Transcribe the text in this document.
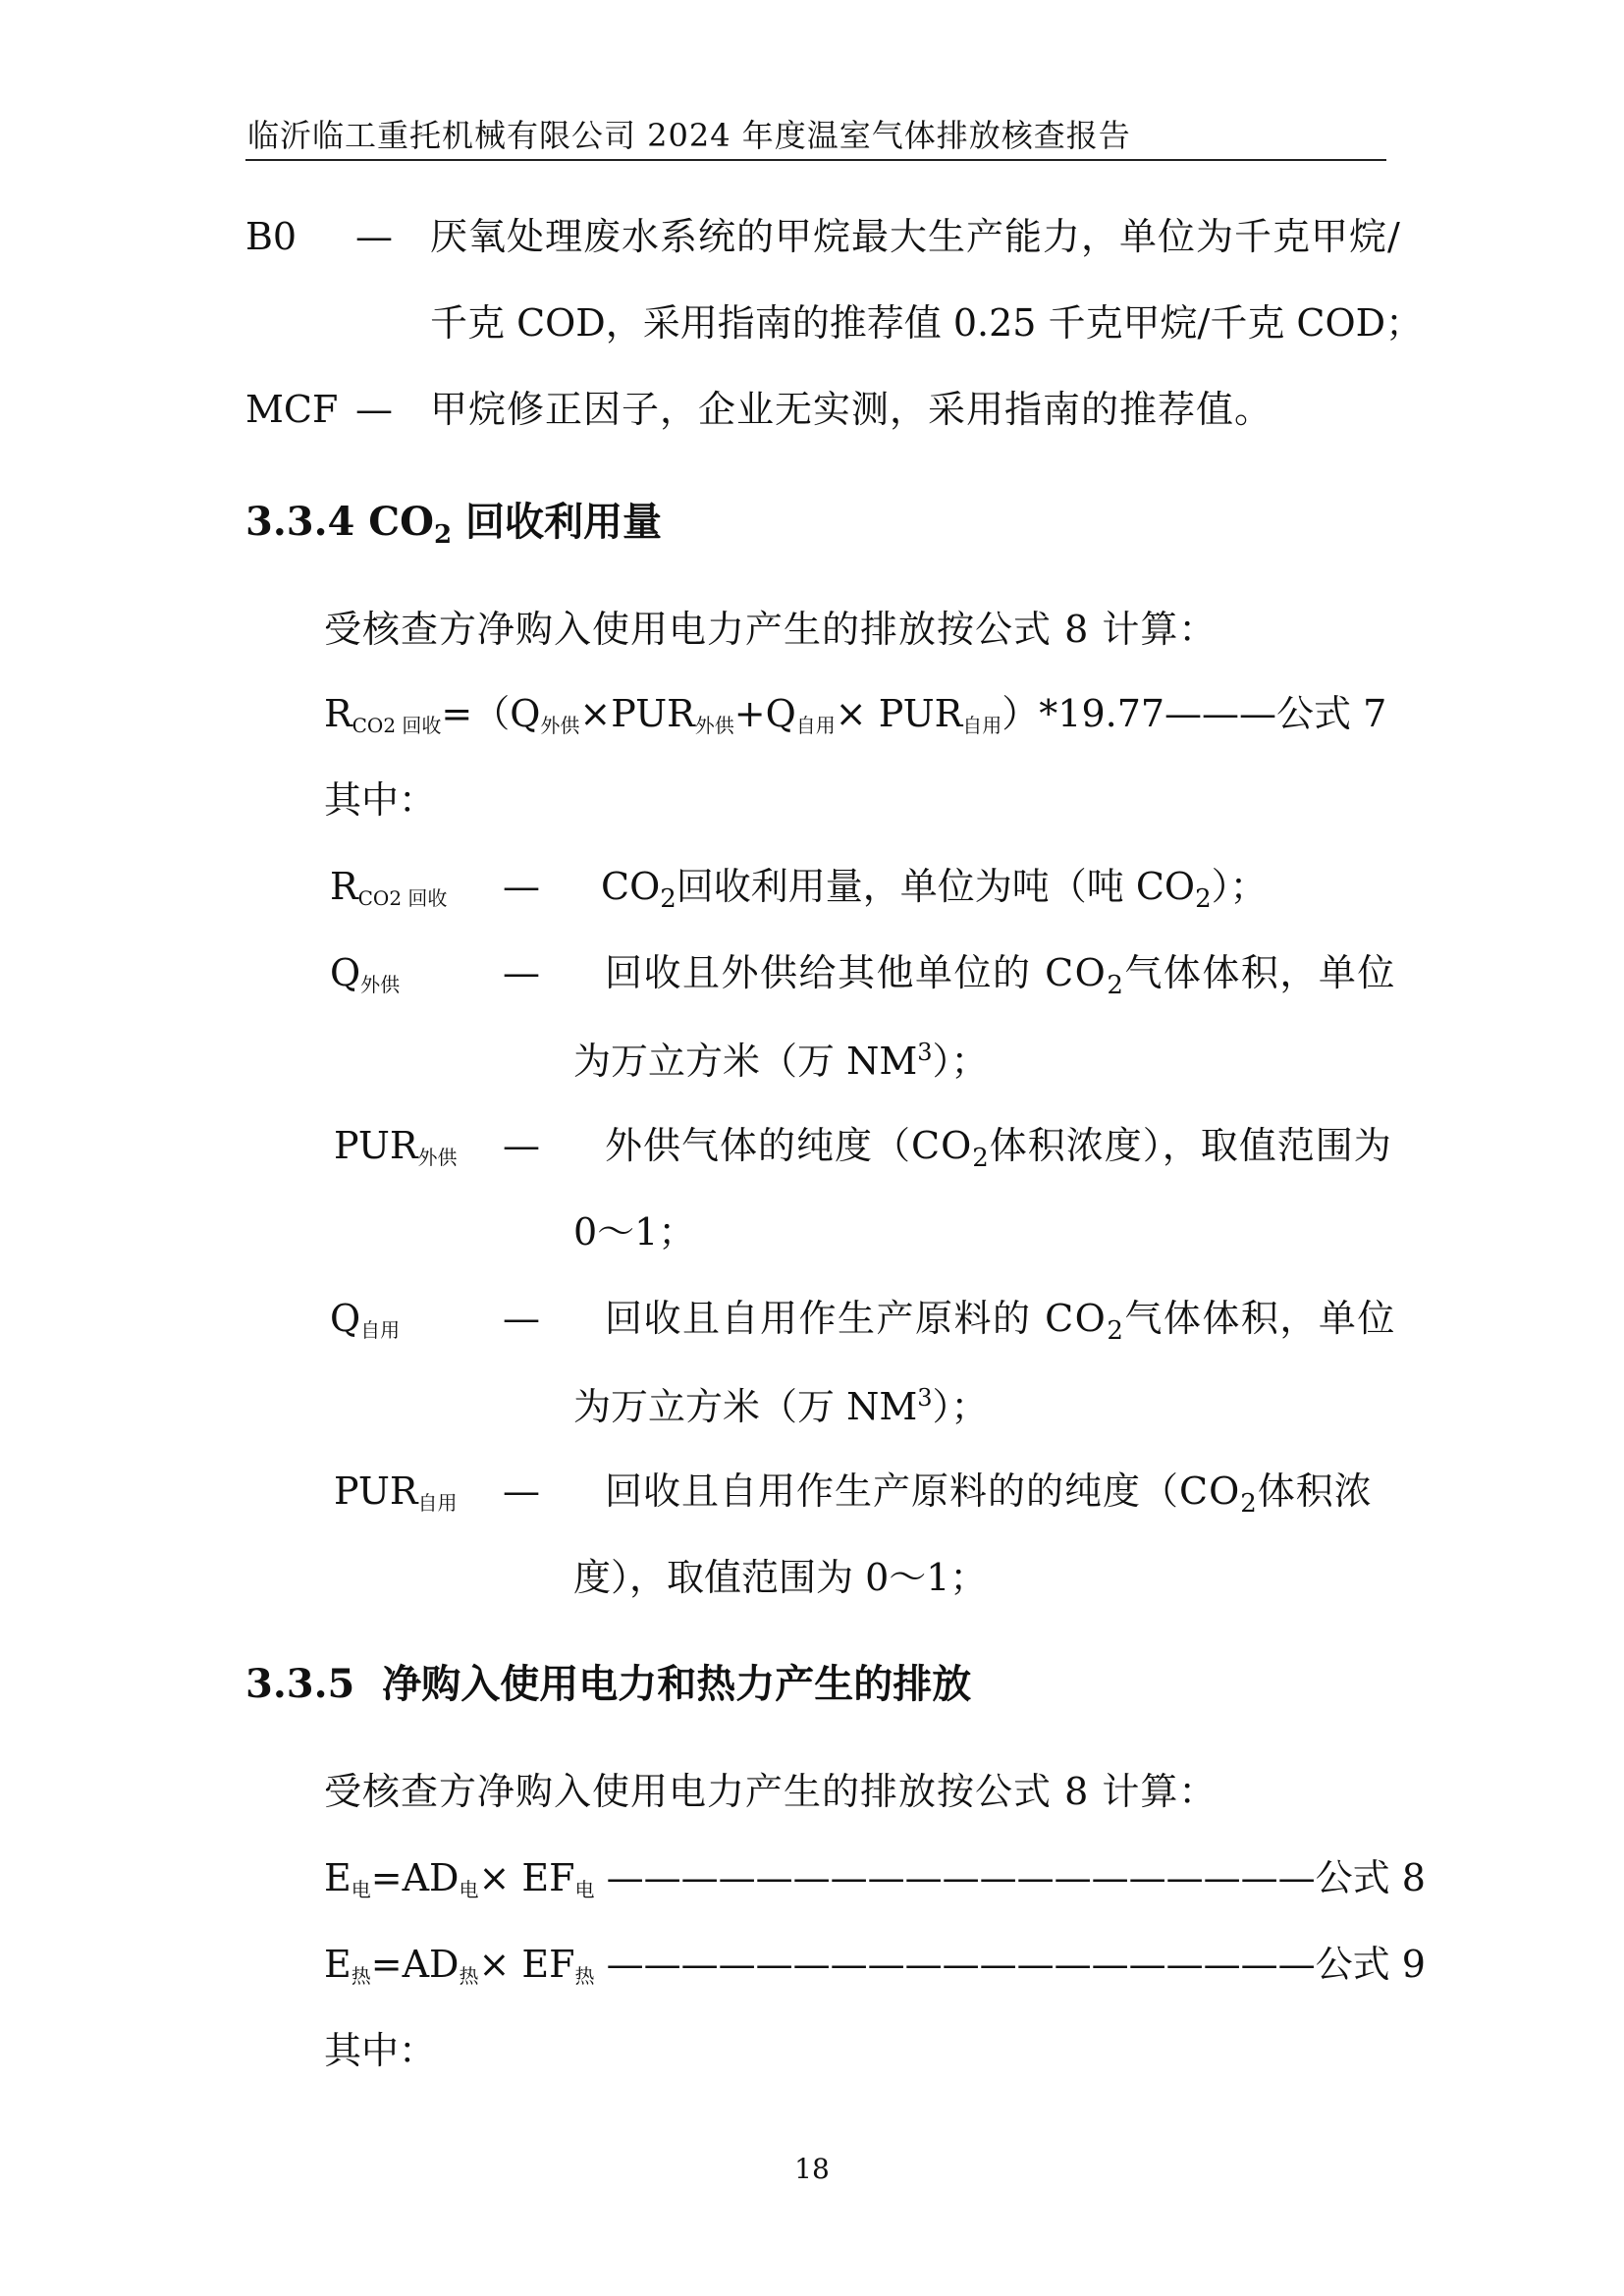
临沂临工重托机械有限公司 2024 年度温室气体排放核查报告
B0 — 厌氧处理废水系统的甲烷最大生产能力，单位为千克甲烷/
千克 COD，采用指南的推荐值 0.25 千克甲烷/千克 COD；
MCF — 甲烷修正因子，企业无实测，采用指南的推荐值。
3.3.4 $CO_2$ 回收利用量
受核查方净购入使用电力产生的排放按公式 8 计算：
$R_{CO2 回收}=(Q_{外供}\times PUR_{外供}+Q_{自用}\times$ $PUR_{自用})*19.77———$公式 7
其中：
$R_{CO2 回收}$ — $CO_2$回收利用量，单位为吨（吨 $CO_2$）；
$Q_{外供}$	— 回收且外供给其他单位的 $CO_2$气体体积，单位
为万立方米（万 $NM^3$）；
$PUR_{外供}$ — 外供气体的纯度（$CO_2$体积浓度），取值范围为
0～1；
$Q_{自用}$	— 回收且自用作生产原料的 $CO_2$气体体积，单位
为万立方米（万 $NM^3$）；
$PUR_{自用}$ — 回收且自用作生产原料的的纯度（$CO_2$体积浓
度），取值范围为 0～1；
3.3.5 净购入使用电力和热力产生的排放
受核查方净购入使用电力产生的排放按公式 8 计算：
$E_电=AD_电\times EF_电$ ———————————————————公式 8
$E_热=AD_热\times EF_热$ ———————————————————公式 9
其中：
18
